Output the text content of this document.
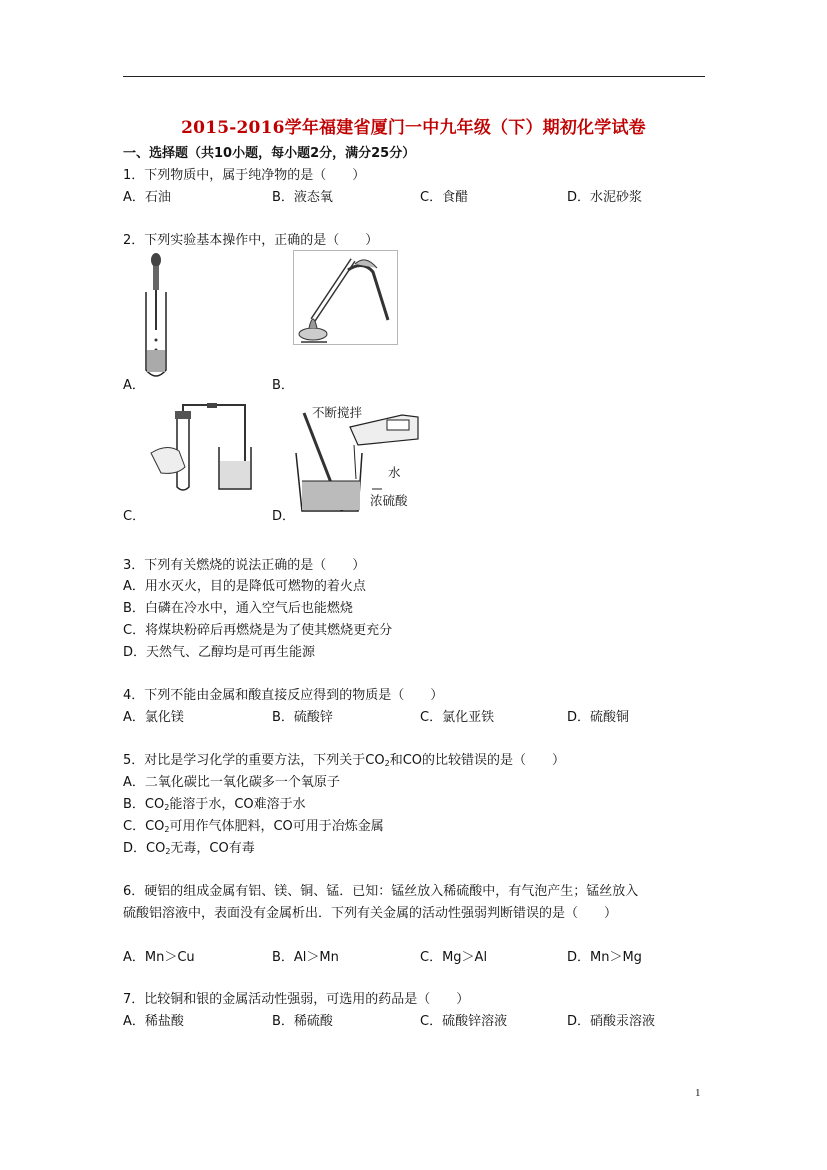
2015-2016学年福建省厦门一中九年级（下）期初化学试卷
一、选择题（共10小题，每小题2分，满分25分）
1．下列物质中，属于纯净物的是（　　）
A．石油	B．液态氧	C．食醋	D．水泥砂浆
2．下列实验基本操作中，正确的是（　　）
A．	B．
C．
不断搅拌
水
浓硫酸
D．
3．下列有关燃烧的说法正确的是（　　）
A．用水灭火，目的是降低可燃物的着火点
B．白磷在冷水中，通入空气后也能燃烧
C．将煤块粉碎后再燃烧是为了使其燃烧更充分
D．天然气、乙醇均是可再生能源
4．下列不能由金属和酸直接反应得到的物质是（　　）
A．氯化镁	B．硫酸锌	C．氯化亚铁	D．硫酸铜
5．对比是学习化学的重要方法，下列关于$CO_2$和CO的比较错误的是（　　）
A．二氧化碳比一氧化碳多一个氧原子
B．$CO_2$能溶于水，CO难溶于水
C．$CO_2$可用作气体肥料，CO可用于冶炼金属
D．$CO_2$无毒，CO有毒
6．硬铝的组成金属有铝、镁、铜、锰．已知：锰丝放入稀硫酸中，有气泡产生；锰丝放入
硫酸铝溶液中，表面没有金属析出．下列有关金属的活动性强弱判断错误的是（　　）
A．Mn＞Cu	B．Al＞Mn	C．Mg＞Al	D．Mn＞Mg
7．比较铜和银的金属活动性强弱，可选用的药品是（　　）
A．稀盐酸	B．稀硫酸	C．硫酸锌溶液	D．硝酸汞溶液
1
